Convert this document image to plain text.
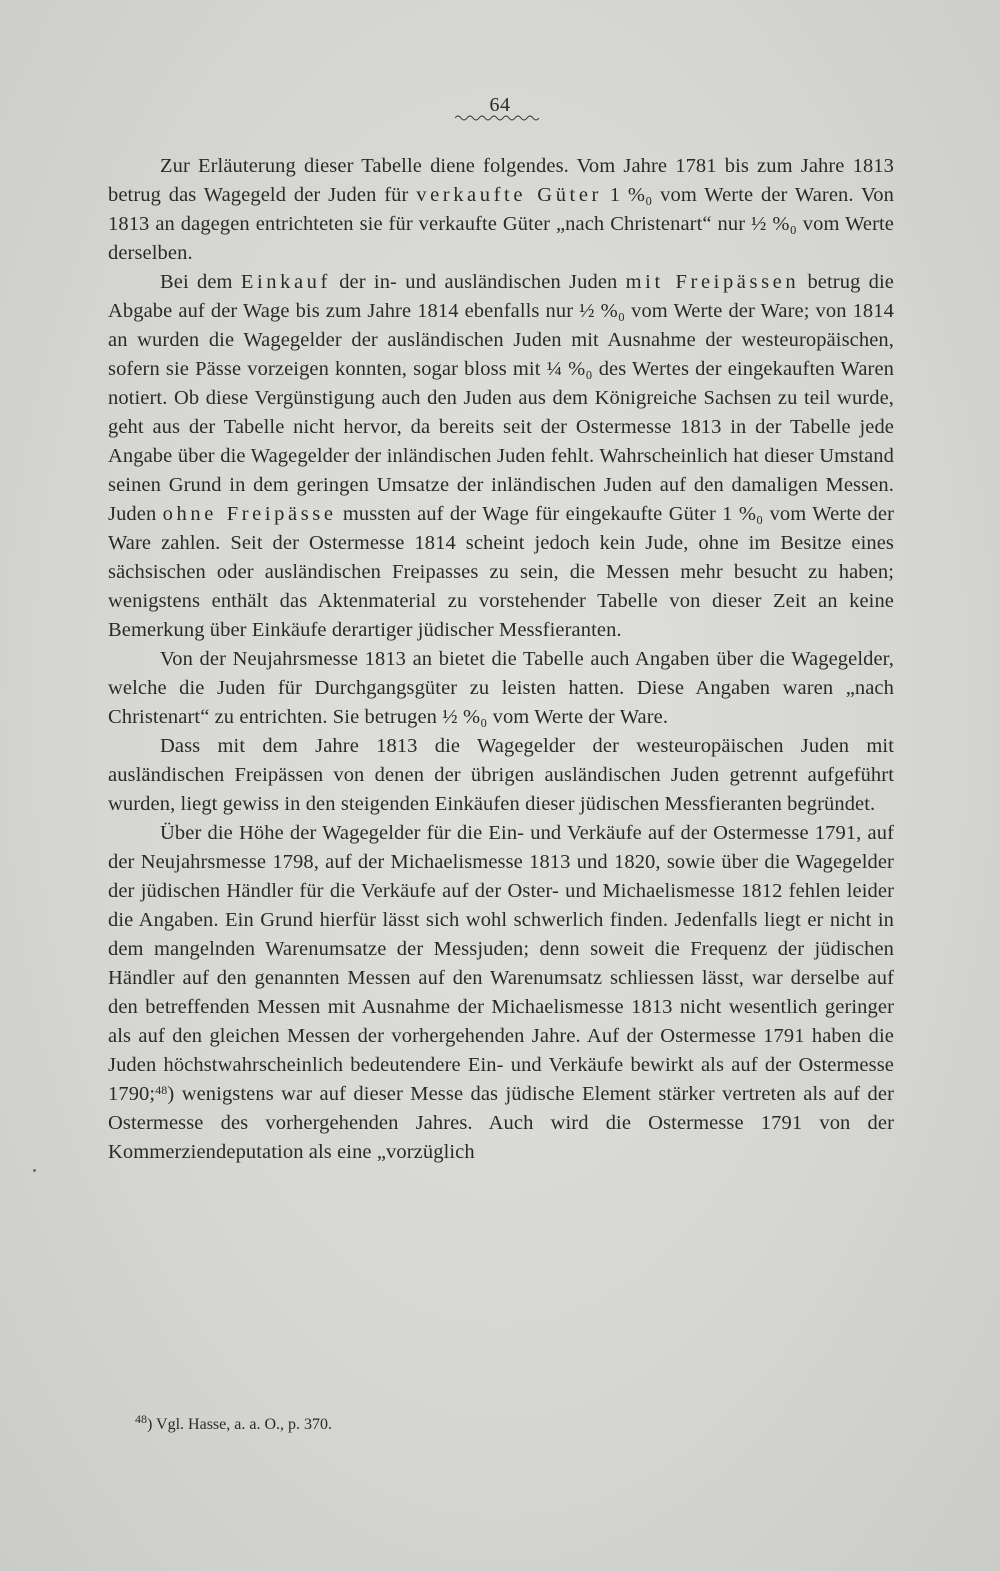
64

Zur Erläuterung dieser Tabelle diene folgendes. Vom Jahre 1781 bis zum Jahre 1813 betrug das Wagegeld der Juden für verkaufte Güter 1 %₀ vom Werte der Waren. Von 1813 an dagegen entrichteten sie für verkaufte Güter „nach Christenart“ nur ½ %₀ vom Werte derselben.

Bei dem Einkauf der in- und ausländischen Juden mit Freipässen betrug die Abgabe auf der Wage bis zum Jahre 1814 ebenfalls nur ½ %₀ vom Werte der Ware; von 1814 an wurden die Wagegelder der ausländischen Juden mit Ausnahme der westeuropäischen, sofern sie Pässe vorzeigen konnten, sogar bloss mit ¼ %₀ des Wertes der eingekauften Waren notiert. Ob diese Vergünstigung auch den Juden aus dem Königreiche Sachsen zu teil wurde, geht aus der Tabelle nicht hervor, da bereits seit der Ostermesse 1813 in der Tabelle jede Angabe über die Wagegelder der inländischen Juden fehlt. Wahrscheinlich hat dieser Umstand seinen Grund in dem geringen Umsatze der inländischen Juden auf den damaligen Messen. Juden ohne Freipässe mussten auf der Wage für eingekaufte Güter 1 %₀ vom Werte der Ware zahlen. Seit der Ostermesse 1814 scheint jedoch kein Jude, ohne im Besitze eines sächsischen oder ausländischen Freipasses zu sein, die Messen mehr besucht zu haben; wenigstens enthält das Aktenmaterial zu vorstehender Tabelle von dieser Zeit an keine Bemerkung über Einkäufe derartiger jüdischer Messfieranten.

Von der Neujahrsmesse 1813 an bietet die Tabelle auch Angaben über die Wagegelder, welche die Juden für Durchgangsgüter zu leisten hatten. Diese Angaben waren „nach Christenart“ zu entrichten. Sie betrugen ½ %₀ vom Werte der Ware.

Dass mit dem Jahre 1813 die Wagegelder der westeuropäischen Juden mit ausländischen Freipässen von denen der übrigen ausländischen Juden getrennt aufgeführt wurden, liegt gewiss in den steigenden Einkäufen dieser jüdischen Messfieranten begründet.

Über die Höhe der Wagegelder für die Ein- und Verkäufe auf der Ostermesse 1791, auf der Neujahrsmesse 1798, auf der Michaelismesse 1813 und 1820, sowie über die Wagegelder der jüdischen Händler für die Verkäufe auf der Oster- und Michaelismesse 1812 fehlen leider die Angaben. Ein Grund hierfür lässt sich wohl schwerlich finden. Jedenfalls liegt er nicht in dem mangelnden Warenumsatze der Messjuden; denn soweit die Frequenz der jüdischen Händler auf den genannten Messen auf den Warenumsatz schliessen lässt, war derselbe auf den betreffenden Messen mit Ausnahme der Michaelismesse 1813 nicht wesentlich geringer als auf den gleichen Messen der vorhergehenden Jahre. Auf der Ostermesse 1791 haben die Juden höchstwahrscheinlich bedeutendere Ein- und Verkäufe bewirkt als auf der Ostermesse 1790;$^{48}$) wenigstens war auf dieser Messe das jüdische Element stärker vertreten als auf der Ostermesse des vorhergehenden Jahres. Auch wird die Ostermesse 1791 von der Kommerziendeputation als eine „vorzüglich

$^{48}$) Vgl. Hasse, a. a. O., p. 370.
